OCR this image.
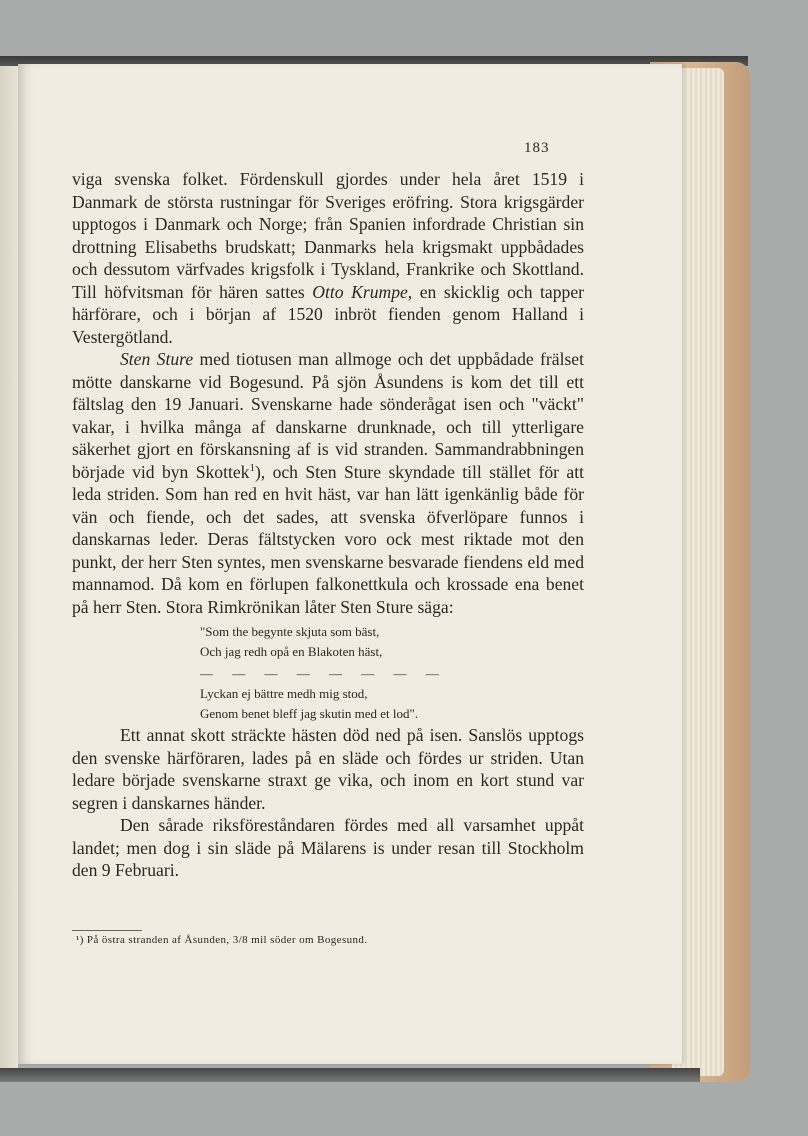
183

viga svenska folket. Fördenskull gjordes under hela året 1519 i Danmark de största rustningar för Sveriges eröfring. Stora krigsgärder upptogos i Danmark och Norge; från Spanien infordrade Christian sin drottning Elisabeths brudskatt; Danmarks hela krigsmakt uppbådades och dessutom värfvades krigsfolk i Tyskland, Frankrike och Skottland. Till höfvitsman för hären sattes Otto Krumpe, en skicklig och tapper härförare, och i början af 1520 inbröt fienden genom Halland i Vestergötland.

Sten Sture med tiotusen man allmoge och det uppbådade frälset mötte danskarne vid Bogesund. På sjön Åsundens is kom det till ett fältslag den 19 Januari. Svenskarne hade sönderågat isen och "väckt" vakar, i hvilka många af danskarne drunknade, och till ytterligare säkerhet gjort en förskansning af is vid stranden. Sammandrabbningen började vid byn Skottek$^1$), och Sten Sture skyndade till stället för att leda striden. Som han red en hvit häst, var han lätt igenkänlig både för vän och fiende, och det sades, att svenska öfverlöpare funnos i danskarnas leder. Deras fältstycken voro ock mest riktade mot den punkt, der herr Sten syntes, men svenskarne besvarade fiendens eld med mannamod. Då kom en förlupen falkonettkula och krossade ena benet på herr Sten. Stora Rimkrönikan låter Sten Sture säga:

"Som the begynte skjuta som bäst,
Och jag redh opå en Blakoten häst,
— — — — — — — —
Lyckan ej bättre medh mig stod,
Genom benet bleff jag skutin med et lod".

Ett annat skott sträckte hästen död ned på isen. Sanslös upptogs den svenske härföraren, lades på en släde och fördes ur striden. Utan ledare började svenskarne straxt ge vika, och inom en kort stund var segren i danskarnes händer.

Den sårade riksföreståndaren fördes med all varsamhet uppåt landet; men dog i sin släde på Mälarens is under resan till Stockholm den 9 Februari.

¹) På östra stranden af Åsunden, 3/8 mil söder om Bogesund.
